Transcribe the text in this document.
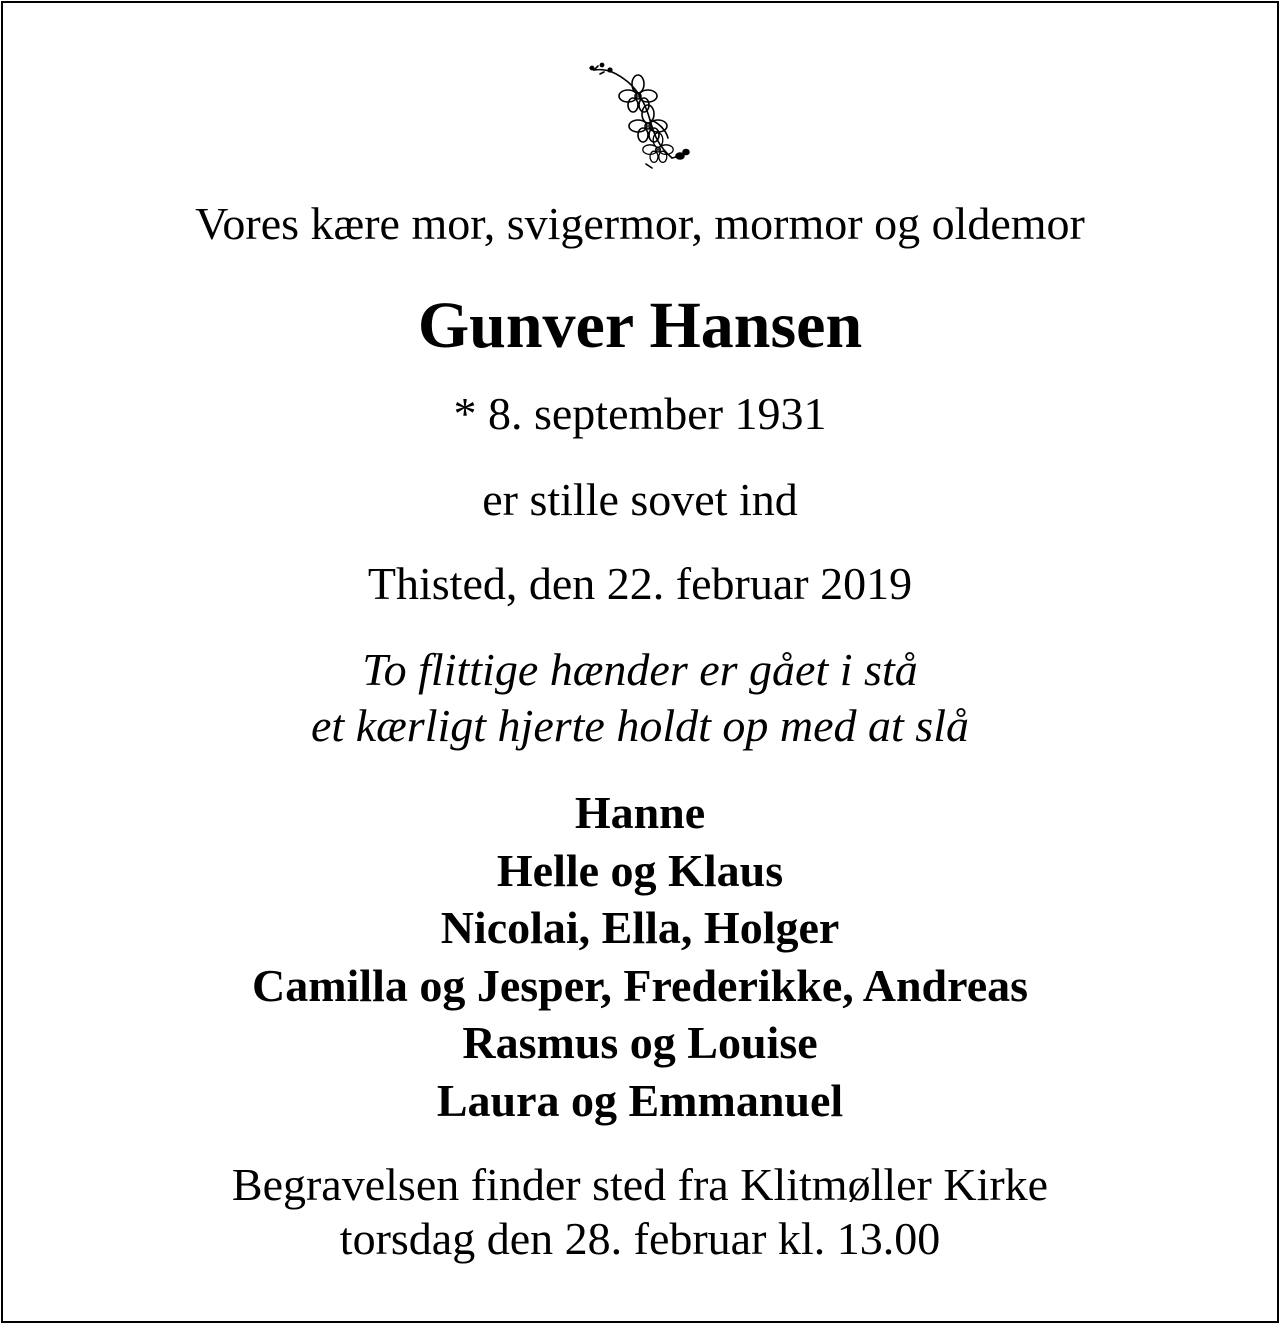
Vores kære mor, svigermor, mormor og oldemor
Gunver Hansen
* 8. september 1931
er stille sovet ind
Thisted, den 22. februar 2019
To flittige hænder er gået i stå
et kærligt hjerte holdt op med at slå
Hanne
Helle og Klaus
Nicolai, Ella, Holger
Camilla og Jesper, Frederikke, Andreas
Rasmus og Louise
Laura og Emmanuel
Begravelsen finder sted fra Klitmøller Kirke
torsdag den 28. februar kl. 13.00
